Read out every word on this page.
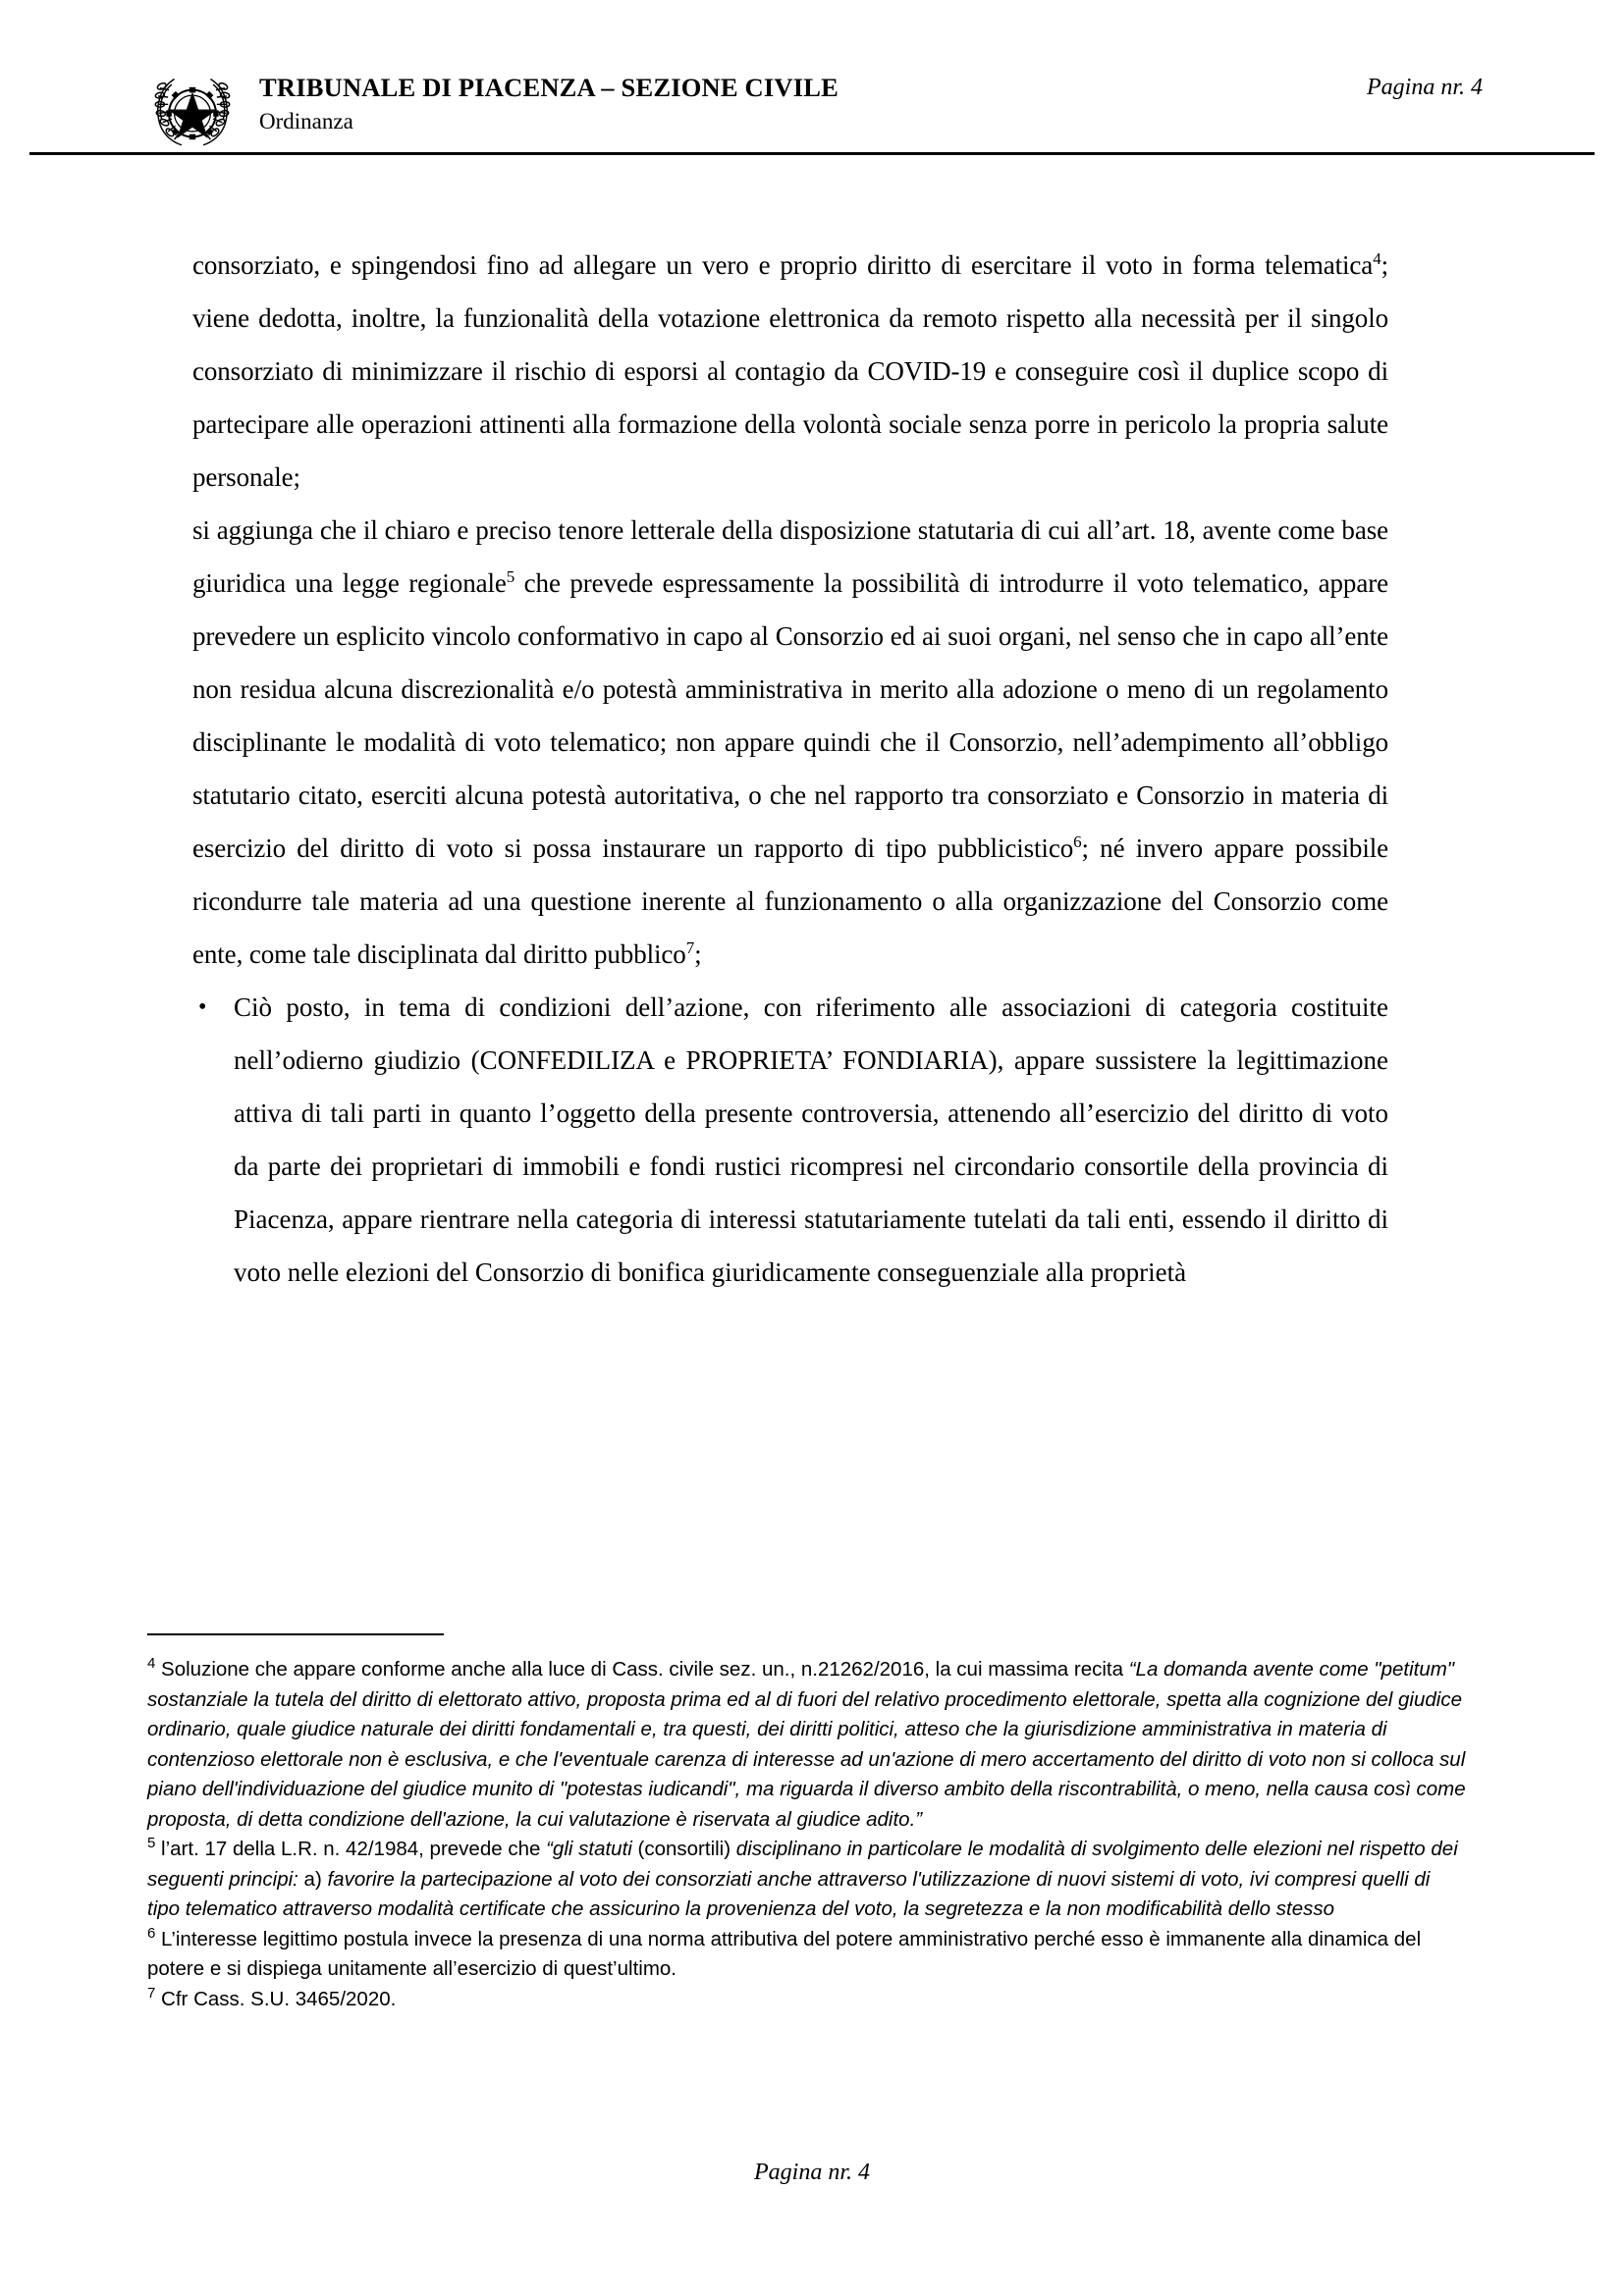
TRIBUNALE DI PIACENZA – SEZIONE CIVILE
Ordinanza
Pagina nr. 4

consorziato, e spingendosi fino ad allegare un vero e proprio diritto di esercitare il voto in forma telematica$^4$; viene dedotta, inoltre, la funzionalità della votazione elettronica da remoto rispetto alla necessità per il singolo consorziato di minimizzare il rischio di esporsi al contagio da COVID-19 e conseguire così il duplice scopo di partecipare alle operazioni attinenti alla formazione della volontà sociale senza porre in pericolo la propria salute personale;

si aggiunga che il chiaro e preciso tenore letterale della disposizione statutaria di cui all’art. 18, avente come base giuridica una legge regionale$^5$ che prevede espressamente la possibilità di introdurre il voto telematico, appare prevedere un esplicito vincolo conformativo in capo al Consorzio ed ai suoi organi, nel senso che in capo all’ente non residua alcuna discrezionalità e/o potestà amministrativa in merito alla adozione o meno di un regolamento disciplinante le modalità di voto telematico; non appare quindi che il Consorzio, nell’adempimento all’obbligo statutario citato, eserciti alcuna potestà autoritativa, o che nel rapporto tra consorziato e Consorzio in materia di esercizio del diritto di voto si possa instaurare un rapporto di tipo pubblicistico$^6$; né invero appare possibile ricondurre tale materia ad una questione inerente al funzionamento o alla organizzazione del Consorzio come ente, come tale disciplinata dal diritto pubblico$^7$;

• Ciò posto, in tema di condizioni dell’azione, con riferimento alle associazioni di categoria costituite nell’odierno giudizio (CONFEDILIZA e PROPRIETA’ FONDIARIA), appare sussistere la legittimazione attiva di tali parti in quanto l’oggetto della presente controversia, attenendo all’esercizio del diritto di voto da parte dei proprietari di immobili e fondi rustici ricompresi nel circondario consortile della provincia di Piacenza, appare rientrare nella categoria di interessi statutariamente tutelati da tali enti, essendo il diritto di voto nelle elezioni del Consorzio di bonifica giuridicamente conseguenziale alla proprietà

$^4$ Soluzione che appare conforme anche alla luce di Cass. civile sez. un., n.21262/2016, la cui massima recita “La domanda avente come "petitum" sostanziale la tutela del diritto di elettorato attivo, proposta prima ed al di fuori del relativo procedimento elettorale, spetta alla cognizione del giudice ordinario, quale giudice naturale dei diritti fondamentali e, tra questi, dei diritti politici, atteso che la giurisdizione amministrativa in materia di contenzioso elettorale non è esclusiva, e che l'eventuale carenza di interesse ad un'azione di mero accertamento del diritto di voto non si colloca sul piano dell'individuazione del giudice munito di "potestas iudicandi", ma riguarda il diverso ambito della riscontrabilità, o meno, nella causa così come proposta, di detta condizione dell'azione, la cui valutazione è riservata al giudice adito.”

$^5$ l’art. 17 della L.R. n. 42/1984, prevede che “gli statuti (consortili) disciplinano in particolare le modalità di svolgimento delle elezioni nel rispetto dei seguenti principi: a) favorire la partecipazione al voto dei consorziati anche attraverso l'utilizzazione di nuovi sistemi di voto, ivi compresi quelli di tipo telematico attraverso modalità certificate che assicurino la provenienza del voto, la segretezza e la non modificabilità dello stesso

$^6$ L’interesse legittimo postula invece la presenza di una norma attributiva del potere amministrativo perché esso è immanente alla dinamica del potere e si dispiega unitamente all’esercizio di quest’ultimo.

$^7$ Cfr Cass. S.U. 3465/2020.

Pagina nr. 4
